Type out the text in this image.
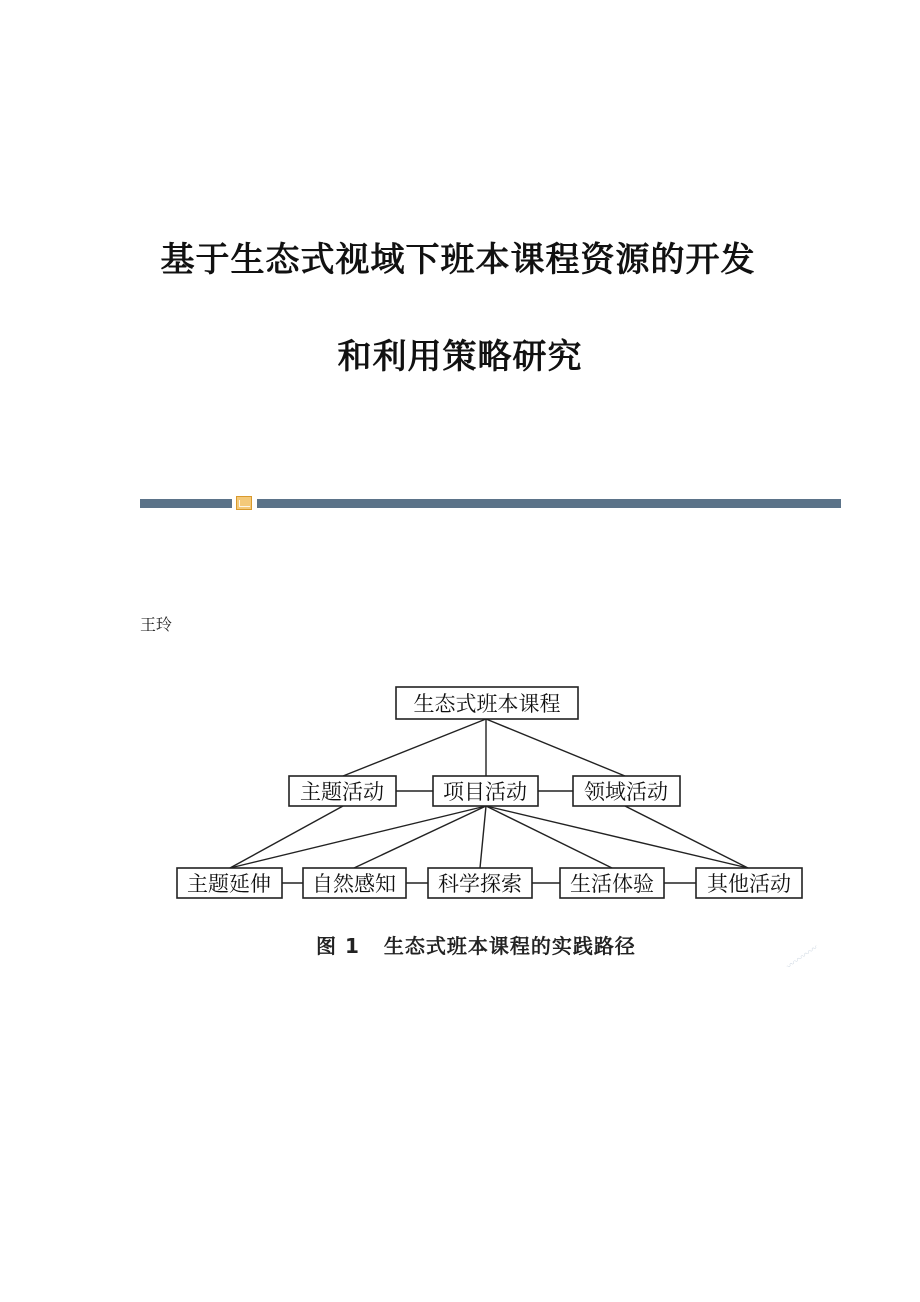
基于生态式视域下班本课程资源的开发
和利用策略研究
王玲
生态式班本课程
主题活动	项目活动	领域活动
主题延伸 自然感知 科学探索 生活体验	其他活动
图 1 生态式班本课程的实践路径	〰〰〰〰
